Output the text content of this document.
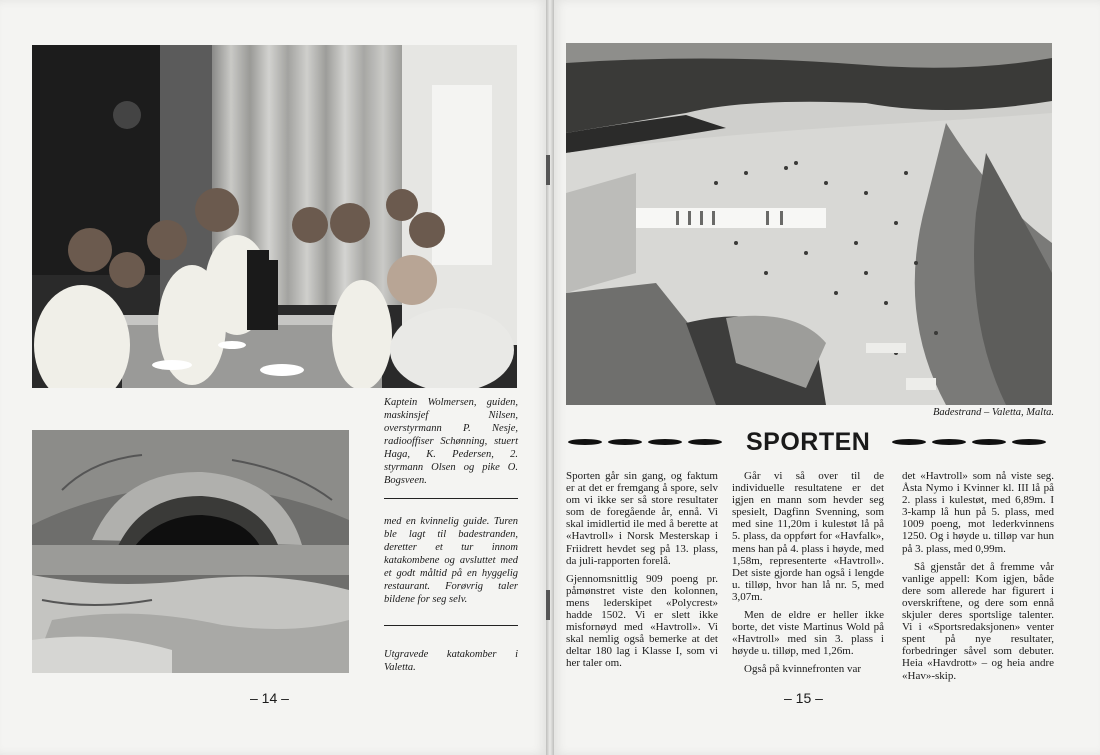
Kaptein Wolmersen, guiden, maskinsjef Nilsen, overstyrmann P. Nesje, radiooffiser Schønning, stuert Haga, K. Pedersen, 2. styrmann Olsen og pike O. Bogsveen.
med en kvinnelig guide. Turen ble lagt til badestranden, deretter et tur innom katakombene og avsluttet med et godt måltid på en hyggelig restaurant. Forøvrig taler bildene for seg selv.
Utgravede katakomber i Valetta.
– 14 –
Badestrand – Valetta, Malta.
SPORTEN

Sporten går sin gang, og faktum er at det er fremgang å spore, selv om vi ikke ser så store resultater som de foregående år, ennå. Vi skal imidlertid ile med å berette at «Havtroll» i Norsk Mesterskap i Friidrett hevdet seg på 13. plass, da juli-rapporten forelå.

Gjennomsnittlig 909 poeng pr. påmønstret viste den kolonnen, mens lederskipet «Polycrest» hadde 1502. Vi er slett ikke misfornøyd med «Havtroll». Vi skal nemlig også bemerke at det deltar 180 lag i Klasse I, som vi her taler om.

Går vi så over til de individuelle resultatene er det igjen en mann som hevder seg spesielt, Dagfinn Svenning, som med sine 11,20m i kulestøt lå på 5. plass, da oppført for «Havfalk», mens han på 4. plass i høyde, med 1,58m, representerte «Havtroll». Det siste gjorde han også i lengde u. tilløp, hvor han lå nr. 5, med 3,07m.

Men de eldre er heller ikke borte, det viste Martinus Wold på «Havtroll» med sin 3. plass i høyde u. tilløp, med 1,26m.

Også på kvinnefronten var

det «Havtroll» som nå viste seg. Åsta Nymo i Kvinner kl. III lå på 2. plass i kulestøt, med 6,89m. I 3-kamp lå hun på 5. plass, med 1009 poeng, mot lederkvinnens 1250. Og i høyde u. tilløp var hun på 3. plass, med 0,99m.

Så gjenstår det å fremme vår vanlige appell: Kom igjen, både dere som allerede har figurert i overskriftene, og dere som ennå skjuler deres sportslige talenter. Vi i «Sportsredaksjonen» venter spent på nye resultater, forbedringer såvel som debuter. Heia «Havdrott» – og heia andre «Hav»-skip.

– 15 –
